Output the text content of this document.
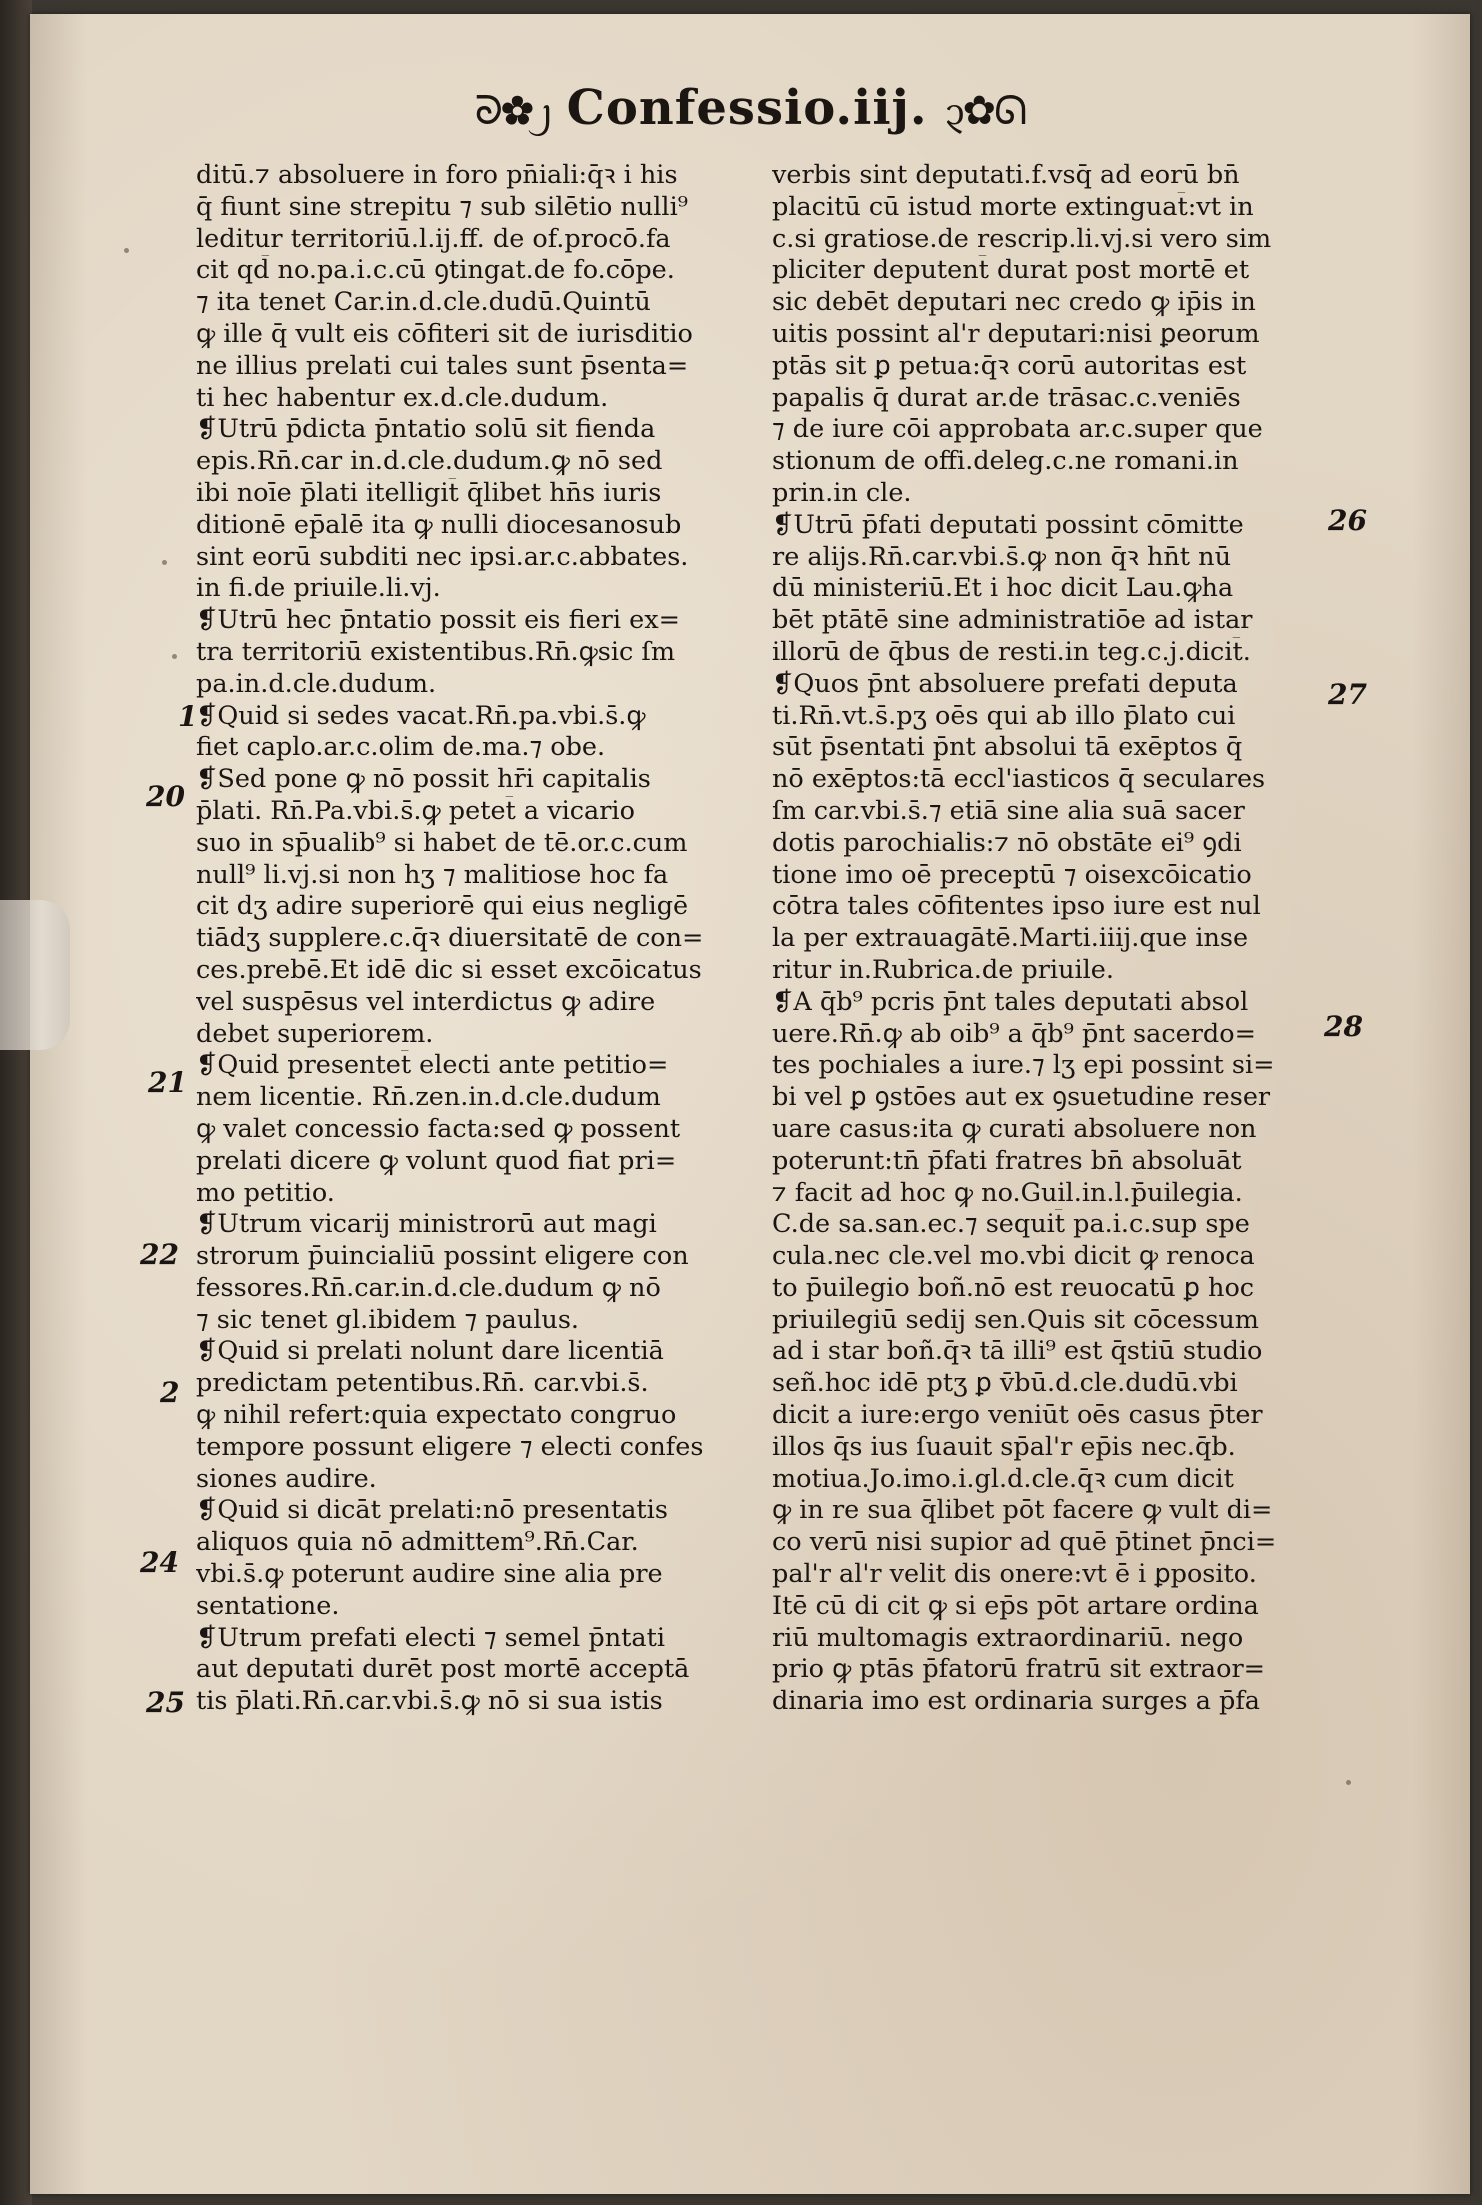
ᘐ✿᧒ Confessio.iij. ᧓✿ᘏ
ditū.⁊ absoluere in foro pn̄iali:q̄ꝛ i his
q̄ fiunt sine strepitu ⁊ sub silētio nulli⁹
leditur territoriū.l.ij.ff. de of.procō.fa
cit qd̄ no.pa.i.c.cū ꝯtingat.de fo.cōpe.
⁊ ita tenet Car.in.d.cle.dudū.Quintū
ꝙ ille q̄ vult eis cōfiteri sit de iurisditio
ne illius prelati cui tales sunt p̄senta=
ti hec habentur ex.d.cle.dudum.
❡Utrū p̄dicta p̄ntatio solū sit fienda
epis.Rn̄.car in.d.cle.dudum.ꝙ nō sed
ibi noīe p̄lati itelligit̄ q̄libet hn̄s iuris
ditionē ep̄alē ita ꝙ nulli diocesanosub
sint eorū subditi nec ipsi.ar.c.abbates.
in fi.de priuile.li.vj.
❡Utrū hec p̄ntatio possit eis fieri ex=
tra territoriū existentibus.Rn̄.ꝙsic ſm
pa.in.d.cle.dudum.
❡Quid si sedes vacat.Rn̄.pa.vbi.s̄.ꝙ
fiet caplo.ar.c.olim de.ma.⁊ obe.
❡Sed pone ꝙ nō possit hr̄i capitalis
p̄lati. Rn̄.Pa.vbi.s̄.ꝙ petet̄ a vicario
suo in sp̄ualib⁹ si habet de tē.or.c.cum
null⁹ li.vj.si non hʒ ⁊ malitiose hoc fa
cit dʒ adire superiorē qui eius negligē
tiādʒ supplere.c.q̄ꝛ diuersitatē de con=
ces.prebē.Et idē dic si esset excōicatus
vel suspēsus vel interdictus ꝙ adire
debet superiorem.
❡Quid presentet̄ electi ante petitio=
nem licentie. Rn̄.zen.in.d.cle.dudum
ꝙ valet concessio facta:sed ꝙ possent
prelati dicere ꝙ volunt quod fiat pri=
mo petitio.
❡Utrum vicarij ministrorū aut magi
strorum p̄uincialiū possint eligere con
fessores.Rn̄.car.in.d.cle.dudum ꝙ nō
⁊ sic tenet gl.ibidem ⁊ paulus.
❡Quid si prelati nolunt dare licentiā
predictam petentibus.Rn̄. car.vbi.s̄.
ꝙ nihil refert:quia expectato congruo
tempore possunt eligere ⁊ electi confes
siones audire.
❡Quid si dicāt prelati:nō presentatis
aliquos quia nō admittem⁹.Rn̄.Car.
vbi.s̄.ꝙ poterunt audire sine alia pre
sentatione.
❡Utrum prefati electi ⁊ semel p̄ntati
aut deputati durēt post mortē acceptā
tis p̄lati.Rn̄.car.vbi.s̄.ꝙ nō si sua istis
verbis sint deputati.f.vsq̄ ad eorū bn̄
placitū cū istud morte extinguat̄:vt in
c.si gratiose.de rescrip.li.vj.si vero sim
pliciter deputent̄ durat post mortē et
sic debēt deputari nec credo ꝙ ip̄is in
uitis possint al'r deputari:nisi ꝑeorum
ptās sit ꝑ petua:q̄ꝛ corū autoritas est
papalis q̄ durat ar.de trāsac.c.veniēs
⁊ de iure cōi approbata ar.c.super que
stionum de offi.deleg.c.ne romani.in
prin.in cle.
❡Utrū p̄fati deputati possint cōmitte
re alijs.Rn̄.car.vbi.s̄.ꝙ non q̄ꝛ hn̄t nū
dū ministeriū.Et i hoc dicit Lau.ꝙha
bēt ptātē sine administratiōe ad istar
illorū de q̄bus de resti.in teg.c.j.dicit̄.
❡Quos p̄nt absoluere prefati deputa
ti.Rn̄.vt.s̄.pʒ oēs qui ab illo p̄lato cui
sūt p̄sentati p̄nt absolui tā exēptos q̄̄
nō exēptos:tā eccl'iasticos q̄̄ seculares
ſm car.vbi.s̄.⁊ etiā sine alia suā sacer
dotis parochialis:⁊ nō obstāte ei⁹ ꝯdi
tione imo oē preceptū ⁊ oisexcōicatio
cōtra tales cōfitentes ipso iure est nul
la per extrauagātē.Marti.iiij.que inse
ritur in.Rubrica.de priuile.
❡A q̄b⁹ pcris p̄nt tales deputati absol
uere.Rn̄.ꝙ ab oib⁹ a q̄b⁹ p̄nt sacerdo=
tes pochiales a iure.⁊ lʒ epi possint si=
bi vel ꝑ ꝯstōes aut ex ꝯsuetudine reser
uare casus:ita ꝙ curati absoluere non
poterunt:tn̄ p̄fati fratres bn̄ absoluāt
⁊ facit ad hoc ꝙ no.Guil.in.l.p̄uilegia.
C.de sa.san.ec.⁊ sequit̄ pa.i.c.sup spe
cula.nec cle.vel mo.vbi dicit ꝙ renoca
to p̄uilegio boñ.nō est reuocatū ꝑ hoc
priuilegiū sedij sen.Quis sit cōcessum
ad i star boñ.q̄ꝛ tā illi⁹ est q̄stiū studio
señ.hoc idē ptʒ ꝑ v̄bū.d.cle.dudū.vbi
dicit a iure:ergo veniūt oēs casus p̄ter
illos q̄s ius ſuauit sp̄al'r ep̄is nec.q̄b.
motiua.Jo.imo.i.gl.d.cle.q̄ꝛ cum dicit
ꝙ in re sua q̄libet pōt facere ꝙ vult di=
co verū nisi supior ad quē p̄tinet p̄nci=
pal'r al'r velit dis onere:vt ē i ꝑposito.
Itē cū di cit ꝙ si ep̄s pōt artare ordina
riū multomagis extraordinariū. nego
prio ꝙ ptās p̄fatorū fratrū sit extraor=
dinaria imo est ordinaria surges a p̄fa
1
20
21
22
2
24
25
26
27
28
